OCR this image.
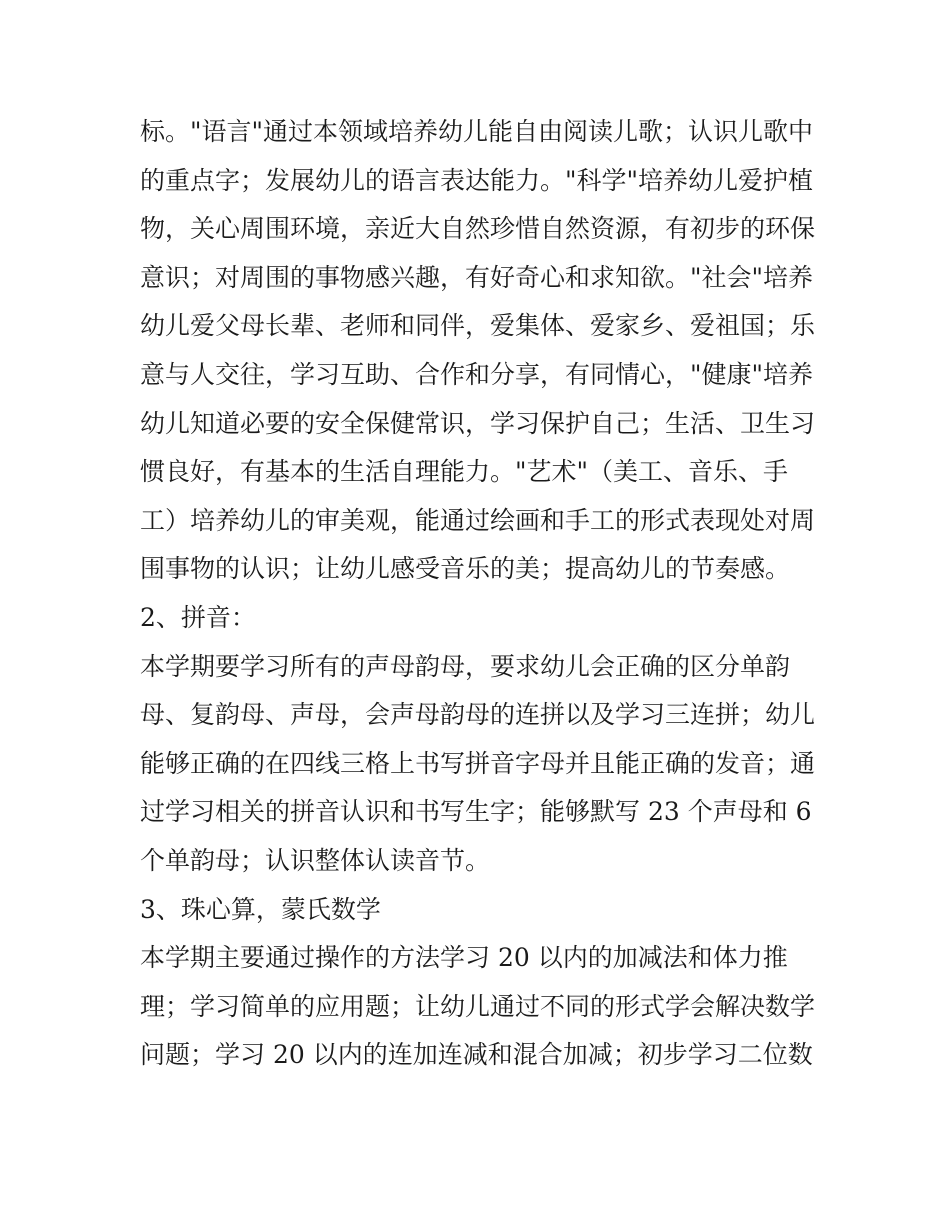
标。"语言"通过本领域培养幼儿能自由阅读儿歌；认识儿歌中
的重点字；发展幼儿的语言表达能力。"科学"培养幼儿爱护植
物，关心周围环境，亲近大自然珍惜自然资源，有初步的环保
意识；对周围的事物感兴趣，有好奇心和求知欲。"社会"培养
幼儿爱父母长辈、老师和同伴，爱集体、爱家乡、爱祖国；乐
意与人交往，学习互助、合作和分享，有同情心，"健康"培养
幼儿知道必要的安全保健常识，学习保护自己；生活、卫生习
惯良好，有基本的生活自理能力。"艺术"（美工、音乐、手
工）培养幼儿的审美观，能通过绘画和手工的形式表现处对周
围事物的认识；让幼儿感受音乐的美；提高幼儿的节奏感。
2、拼音：
本学期要学习所有的声母韵母，要求幼儿会正确的区分单韵
母、复韵母、声母，会声母韵母的连拼以及学习三连拼；幼儿
能够正确的在四线三格上书写拼音字母并且能正确的发音；通
过学习相关的拼音认识和书写生字；能够默写 23 个声母和 6
个单韵母；认识整体认读音节。
3、珠心算，蒙氏数学
本学期主要通过操作的方法学习 20 以内的加减法和体力推
理；学习简单的应用题；让幼儿通过不同的形式学会解决数学
问题；学习 20 以内的连加连减和混合加减；初步学习二位数
